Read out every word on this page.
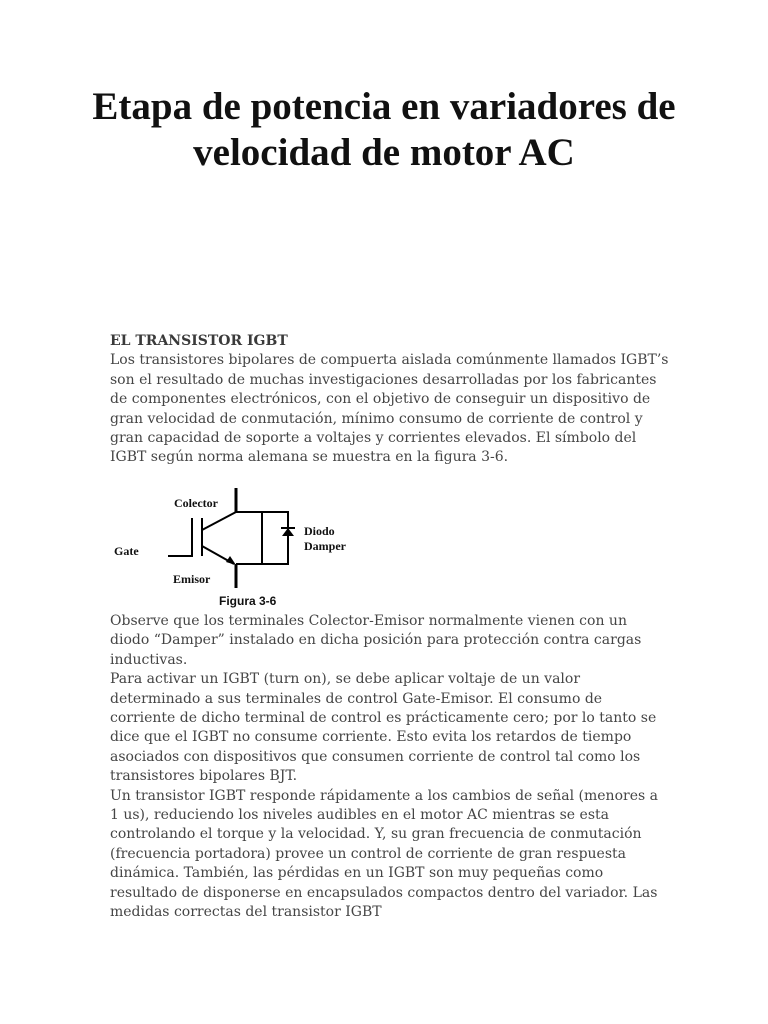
Etapa de potencia en variadores de velocidad de motor AC

EL TRANSISTOR IGBT

Los transistores bipolares de compuerta aislada comúnmente llamados IGBT’s son el resultado de muchas investigaciones desarrolladas por los fabricantes de componentes electrónicos, con el objetivo de conseguir un dispositivo de gran velocidad de conmutación, mínimo consumo de corriente de control y gran capacidad de soporte a voltajes y corrientes elevados. El símbolo del IGBT según norma alemana se muestra en la figura 3-6.

Colector
Gate
Emisor
Diodo
Damper
Figura 3-6

Observe que los terminales Colector-Emisor normalmente vienen con un diodo “Damper” instalado en dicha posición para protección contra cargas inductivas.

Para activar un IGBT (turn on), se debe aplicar voltaje de un valor determinado a sus terminales de control Gate-Emisor. El consumo de corriente de dicho terminal de control es prácticamente cero; por lo tanto se dice que el IGBT no consume corriente. Esto evita los retardos de tiempo asociados con dispositivos que consumen corriente de control tal como los transistores bipolares BJT.

Un transistor IGBT responde rápidamente a los cambios de señal (menores a 1 us), reduciendo los niveles audibles en el motor AC mientras se esta controlando el torque y la velocidad. Y, su gran frecuencia de conmutación (frecuencia portadora) provee un control de corriente de gran respuesta dinámica. También, las pérdidas en un IGBT son muy pequeñas como resultado de disponerse en encapsulados compactos dentro del variador. Las medidas correctas del transistor IGBT
